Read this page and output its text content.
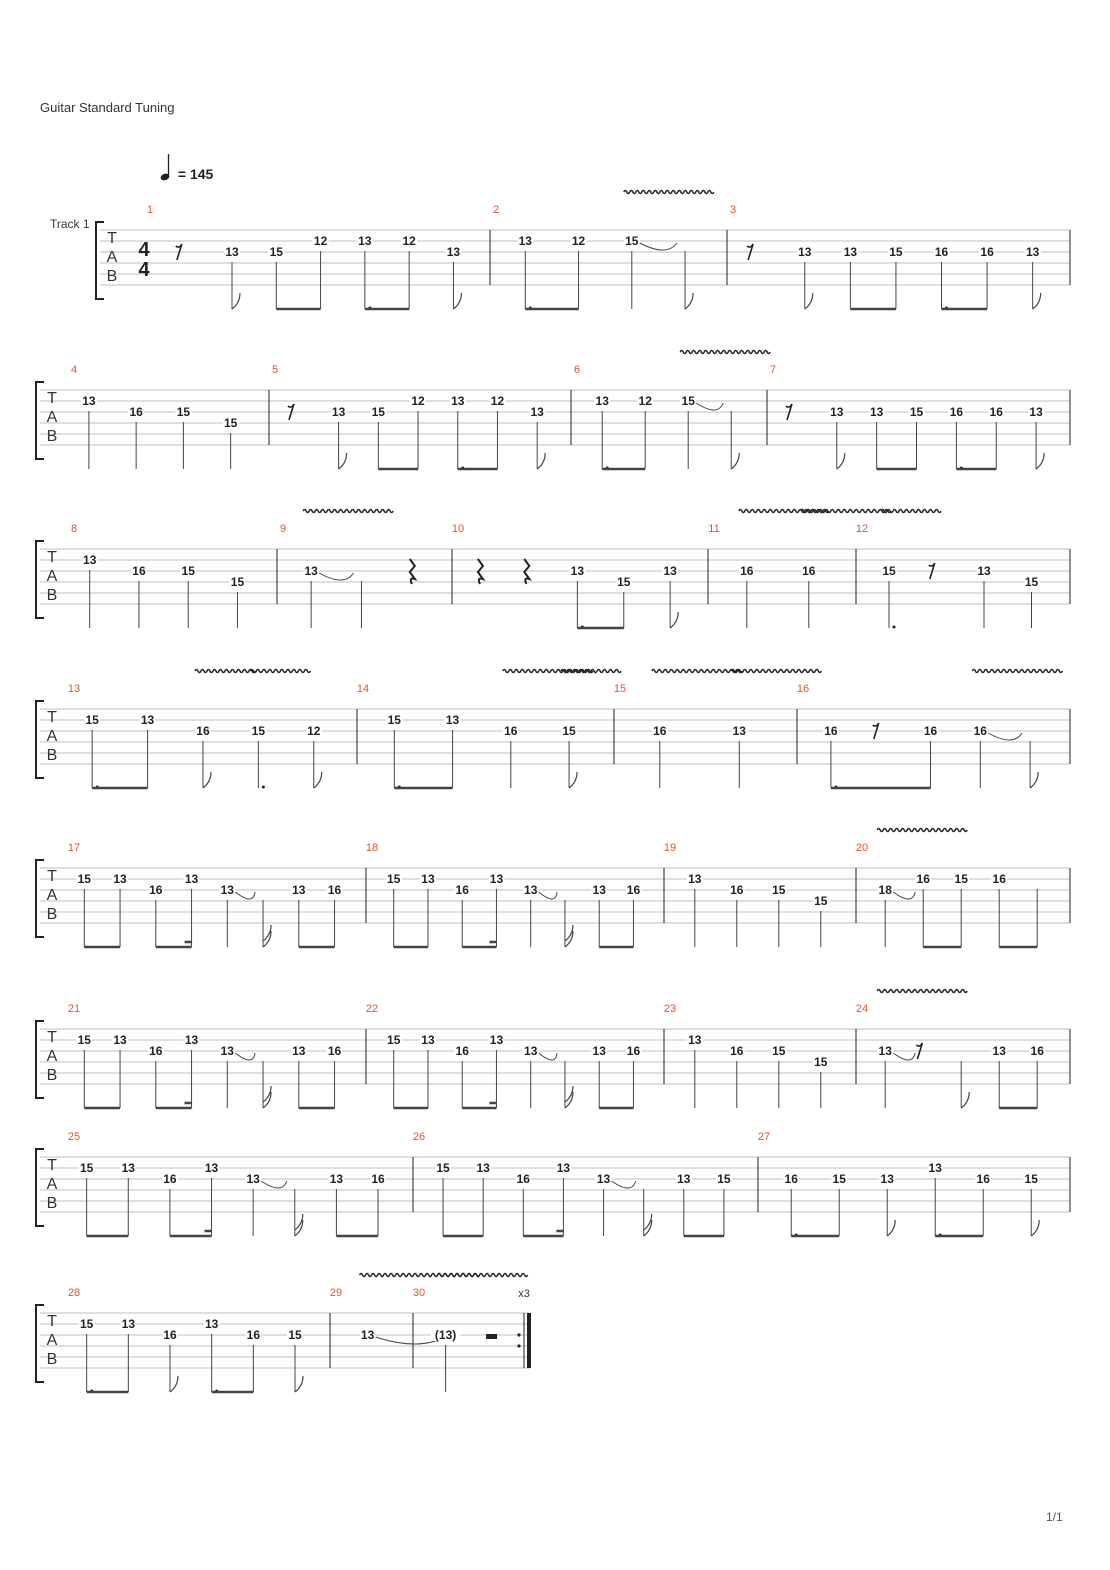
Guitar Standard Tuning
= 145
Track 1
1/1
T
A
B
4
4
1
13	15
12	13	12
13
2
13	12	15
3
13	13	15	16	16	13
T
A
B
4
13
16	15
15
5
13 15
12 13 12
13
6
13 12 15
7
13 13 15 16 16 13
T
A
B
8
13
16	15
15
9
13
10
13
15
13
11
16	16
12
15	13
15
T
A
B
13
15	13
16	15	12
14
15	13
16	15
15
16	13
16
16	16	16
T
A
B
17
15 13
16
13
13	13 16
18
15 13
16
13
13	13 16
19
13
16 15
15
20
18
16 15 16
T
A
B
21
15 13
16
13
13	13 16
22
15 13
16
13
13	13 16
23
13
16 15
15
24
13	13 16
T
A
B
25
15 13
16
13
13	13 16
26
15 13
16
13
13	13 15
27
16	15	13
13
16	15
T
A
B
28
15 13
16
13
16 15
29
13
30
(13)
x3
